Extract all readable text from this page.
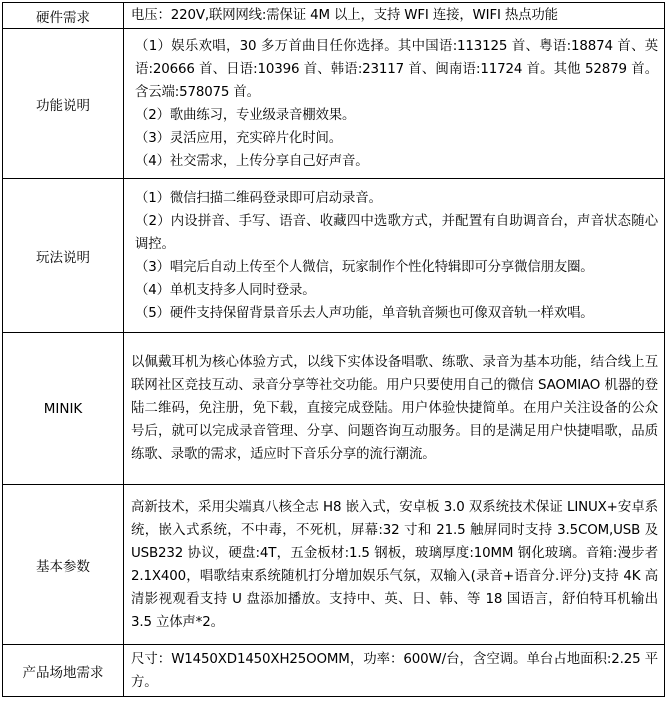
硬件需求	电压：220V,联网网线:需保证 4M 以上，支持 WFI 连接，WIFI 热点功能

功能说明	（1）娱乐欢唱，30 多万首曲目任你选择。其中国语:113125 首、粤语:18874 首、英语:20666 首、日语:10396 首、韩语:23117 首、闽南语:11724 首。其他 52879 首。含云端:578075 首。

（2）歌曲练习，专业级录音棚效果。

（3）灵活应用，充实碎片化时间。

（4）社交需求，上传分享自己好声音。

玩法说明	（1）微信扫描二维码登录即可启动录音。

（2）内设拼音、手写、语音、收藏四中选歌方式，并配置有自助调音台，声音状态随心调控。

（3）唱完后自动上传至个人微信，玩家制作个性化特辑即可分享微信朋友圈。

（4）单机支持多人同时登录。

（5）硬件支持保留背景音乐去人声功能，单音轨音频也可像双音轨一样欢唱。

MINIK	以佩戴耳机为核心体验方式，以线下实体设备唱歌、练歌、录音为基本功能，结合线上互联网社区竞技互动、录音分享等社交功能。用户只要使用自己的微信 SAOMIAO 机器的登陆二维码，免注册，免下载，直接完成登陆。用户体验快捷简单。在用户关注设备的公众号后，就可以完成录音管理、分享、问题咨询互动服务。目的是满足用户快捷唱歌，品质练歌、录歌的需求，适应时下音乐分享的流行潮流。

基本参数	高新技术，采用尖端真八核全志 H8 嵌入式，安卓板 3.0 双系统技术保证 LINUX+安卓系统，嵌入式系统，不中毒，不死机，屏幕:32 寸和 21.5 触屏同时支持 3.5COM,USB 及 USB232 协议，硬盘:4T，五金板材:1.5 钢板，玻璃厚度:10MM 钢化玻璃。音箱:漫步者 2.1X400，唱歌结束系统随机打分增加娱乐气氛，双输入(录音+语音分.评分)支持 4K 高清影视观看支持 U 盘添加播放。支持中、英、日、韩、等 18 国语言，舒伯特耳机输出 3.5 立体声*2。

产品场地需求	尺寸：W1450XD1450XH25OOMM，功率：600W/台，含空调。单台占地面积:2.25 平方。
